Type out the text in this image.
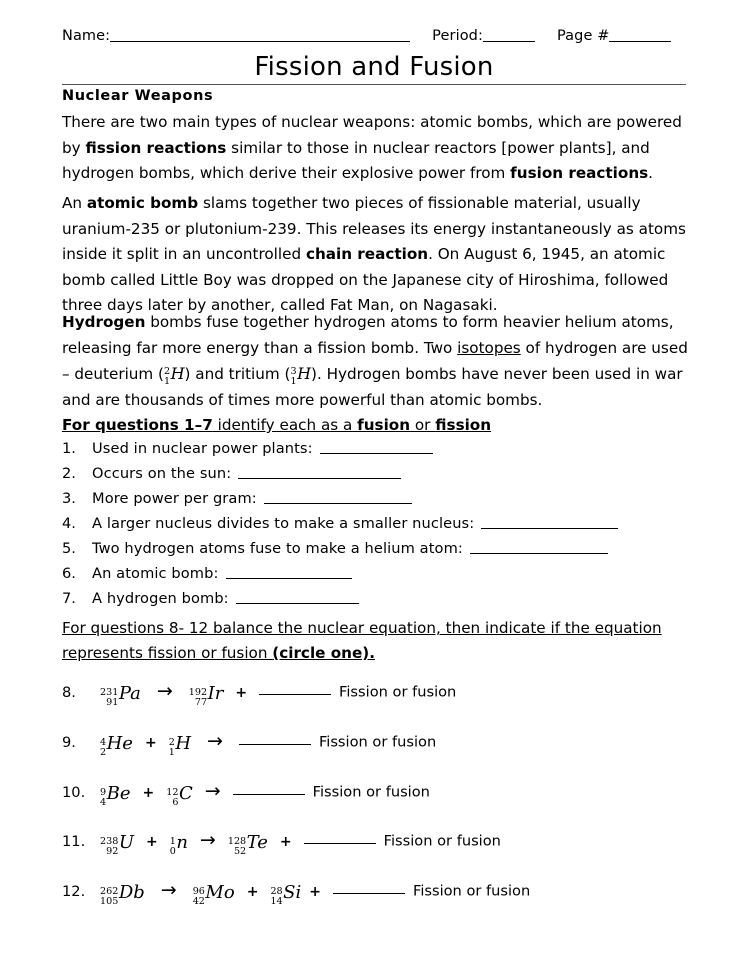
Name:	Period:	Page #
Fission and Fusion
Nuclear Weapons
There are two main types of nuclear weapons: atomic bombs, which are powered by fission reactions similar to those in nuclear reactors [power plants], and hydrogen bombs, which derive their explosive power from fusion reactions.
An atomic bomb slams together two pieces of fissionable material, usually uranium-235 or plutonium-239. This releases its energy instantaneously as atoms inside it split in an uncontrolled chain reaction. On August 6, 1945, an atomic bomb called Little Boy was dropped on the Japanese city of Hiroshima, followed three days later by another, called Fat Man, on Nagasaki.
Hydrogen bombs fuse together hydrogen atoms to form heavier helium atoms, releasing far more energy than a fission bomb. Two isotopes of hydrogen are used – deuterium ( 2
1 H) and tritium ( 3
1 H). Hydrogen bombs have never been used in war and are thousands of times more powerful than atomic bombs.
For questions 1–7 identify each as a fusion or fission
1. Used in nuclear power plants:
2. Occurs on the sun:
3. More power per gram:
4. A larger nucleus divides to make a smaller nucleus:
5. Two hydrogen atoms fuse to make a helium atom:
6. An atomic bomb:
7. A hydrogen bomb:
For questions 8- 12 balance the nuclear equation, then indicate if the equation represents fission or fusion (circle one).
8.	231
91 Pa → 192
77 Ir +	Fission or fusion
9.	4
2 He + 2
1 H →	Fission or fusion
10. 9
4 Be + 12
6 C →	Fission or fusion
11. 238
92 U + 1
0 n → 128
52 Te +	Fission or fusion
12. 262
105 Db → 96
42 Mo + 28
14 Si +	Fission or fusion
